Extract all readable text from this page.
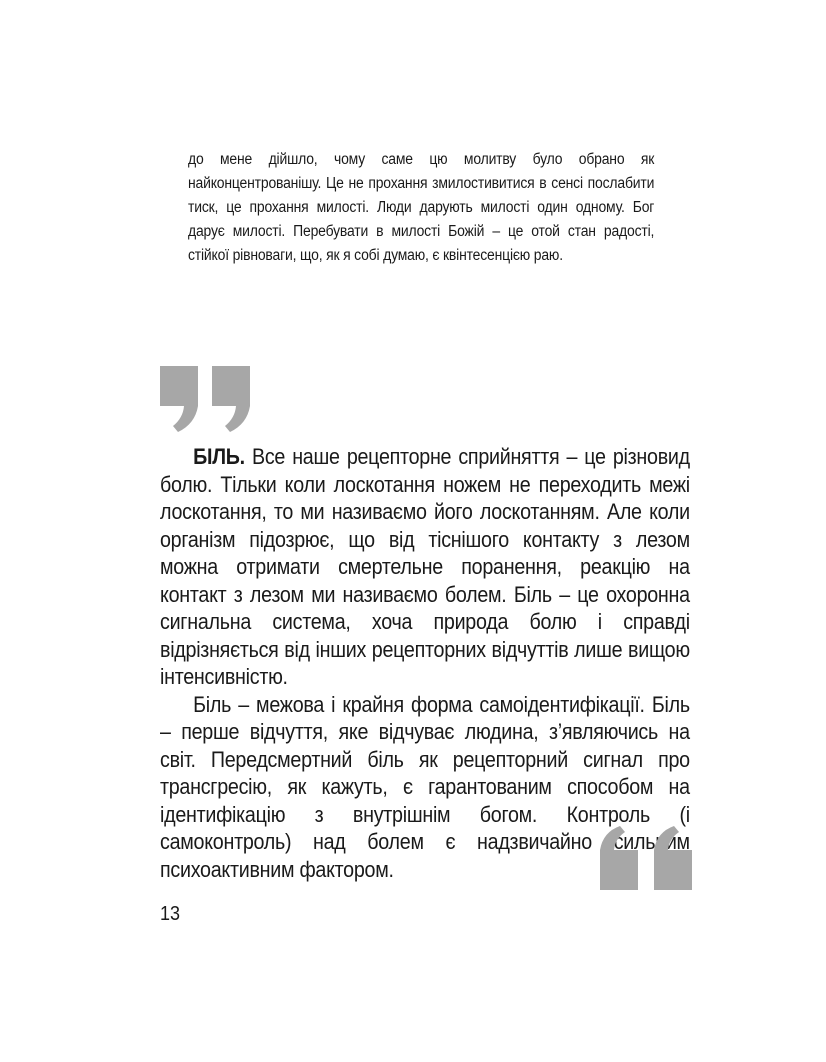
до мене дійшло, чому саме цю молитву було обрано як найконцентрованішу. Це не прохання змилостивитися в сенсі послабити тиск, це прохання милості. Люди дарують милості один одному. Бог дарує милості. Перебувати в милості Божій – це отой стан радості, стійкої рівноваги, що, як я собі думаю, є квінтесенцією раю.

БІЛЬ. Все наше рецепторне сприйняття – це різновид болю. Тільки коли лоскотання ножем не переходить межі лоскотання, то ми називаємо його лоскотанням. Але коли організм підозрює, що від тіснішого контакту з лезом можна отримати смертельне поранення, реакцію на контакт з лезом ми називаємо болем. Біль – це охоронна сигнальна система, хоча природа болю і справді відрізняється від інших рецепторних відчуттів лише вищою інтенсивністю.

Біль – межова і крайня форма самоідентифікації. Біль – перше відчуття, яке відчуває людина, з’являючись на світ. Передсмертний біль як рецепторний сигнал про трансгресію, як кажуть, є гарантованим способом на ідентифікацію з внутрішнім богом. Контроль (і самоконтроль) над болем є надзвичайно сильним психоактивним фактором.

13
